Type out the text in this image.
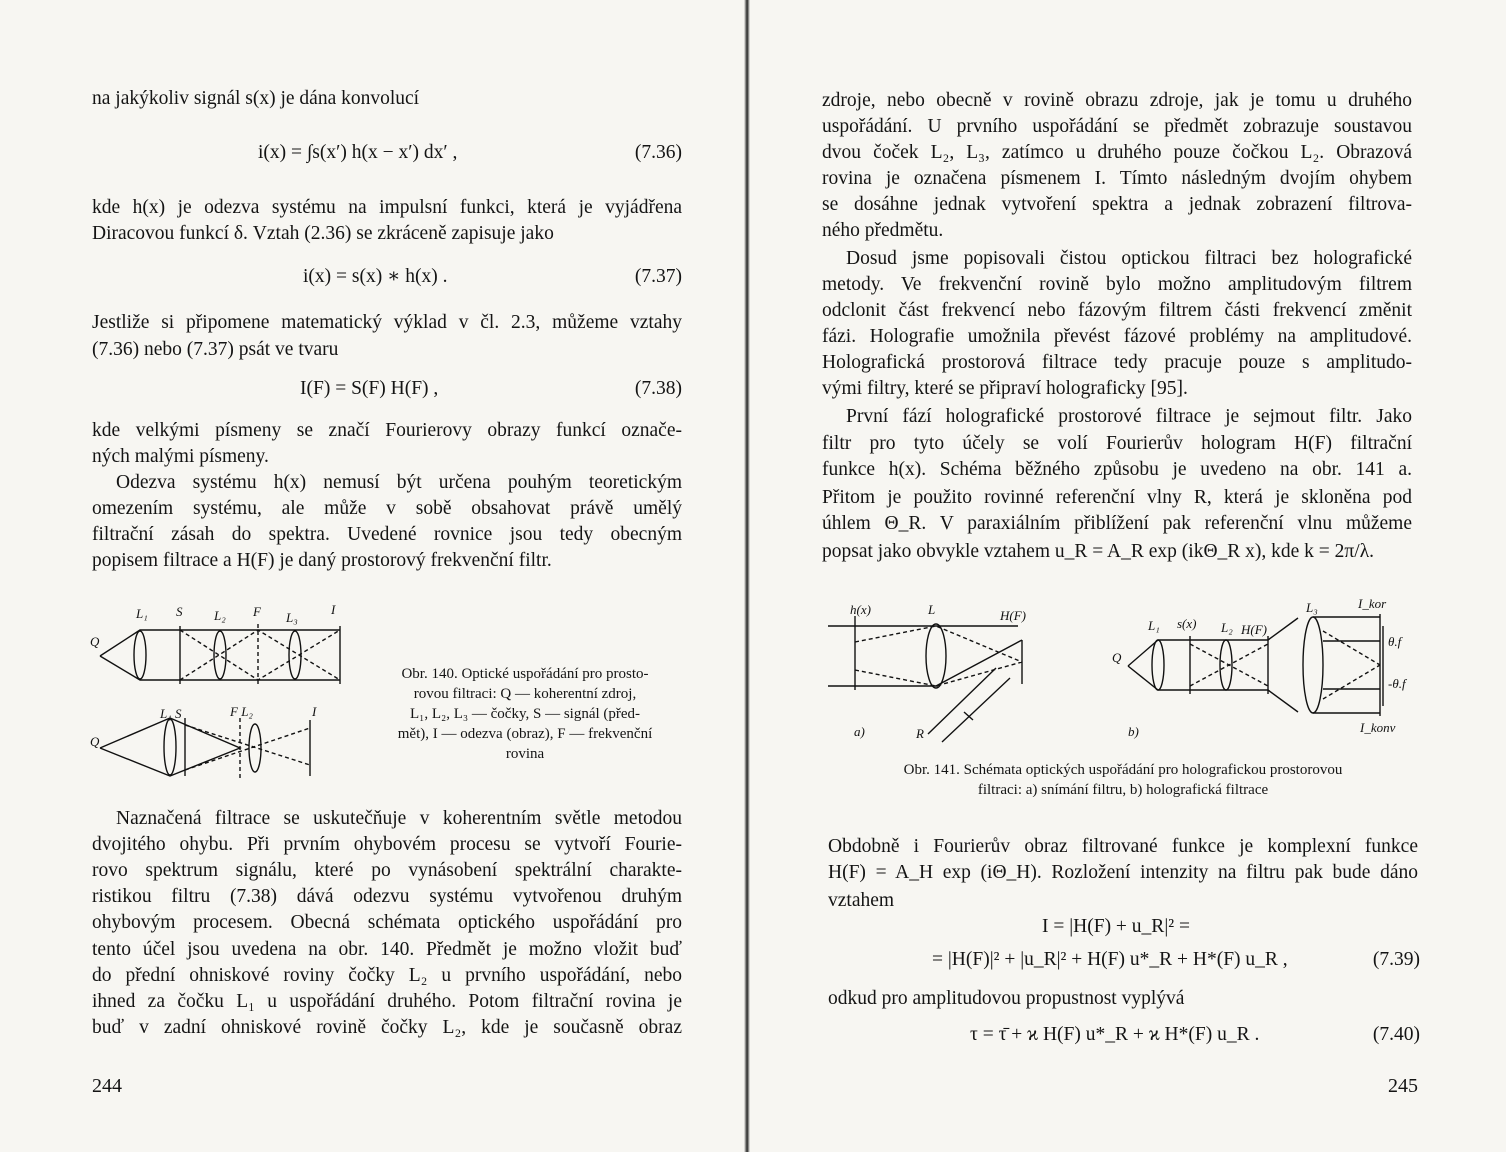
na jakýkoliv signál s(x) je dána konvolucí
i(x) = ∫s(x′) h(x − x′) dx′ ,	(7.36)
kde h(x) je odezva systému na impulsní funkci, která je vyjádřena
Diracovou funkcí δ. Vztah (2.36) se zkráceně zapisuje jako
i(x) = s(x) ∗ h(x) .	(7.37)
Jestliže si připomene matematický výklad v čl. 2.3, můžeme vztahy
(7.36) nebo (7.37) psát ve tvaru
I(F) = S(F) H(F) ,	(7.38)
kde velkými písmeny se značí Fourierovy obrazy funkcí označe-
ných malými písmeny.
Odezva systému h(x) nemusí být určena pouhým teoretickým
omezením systému, ale může v sobě obsahovat právě umělý
filtrační zásah do spektra. Uvedené rovnice jsou tedy obecným
popisem filtrace a H(F) je daný prostorový frekvenční filtr.
L₁ S L₂ F L₃
I
Q
L₁ S	F L₂	I
Q
Obr. 140. Optické uspořádání pro prosto-
rovou filtraci: Q — koherentní zdroj,
L₁, L₂, L₃ — čočky, S — signál (před-
mět), I — odezva (obraz), F — frekvenční
rovina
Naznačená filtrace se uskutečňuje v koherentním světle metodou
dvojitého ohybu. Při prvním ohybovém procesu se vytvoří Fourie-
rovo spektrum signálu, které po vynásobení spektrální charakte-
ristikou filtru (7.38) dává odezvu systému vytvořenou druhým
ohybovým procesem. Obecná schémata optického uspořádání pro
tento účel jsou uvedena na obr. 140. Předmět je možno vložit buď
do přední ohniskové roviny čočky L₂ u prvního uspořádání, nebo
ihned za čočku L₁ u uspořádání druhého. Potom filtrační rovina je
buď v zadní ohniskové rovině čočky L₂, kde je současně obraz
244
zdroje, nebo obecně v rovině obrazu zdroje, jak je tomu u druhého
uspořádání. U prvního uspořádání se předmět zobrazuje soustavou
dvou čoček L₂, L₃, zatímco u druhého pouze čočkou L₂. Obrazová
rovina je označena písmenem I. Tímto následným dvojím ohybem
se dosáhne jednak vytvoření spektra a jednak zobrazení filtrova-
ného předmětu.
Dosud jsme popisovali čistou optickou filtraci bez holografické
metody. Ve frekvenční rovině bylo možno amplitudovým filtrem
odclonit část frekvencí nebo fázovým filtrem části frekvencí změnit
fázi. Holografie umožnila převést fázové problémy na amplitudové.
Holografická prostorová filtrace tedy pracuje pouze s amplitudo-
vými filtry, které se připraví holograficky [95].
První fází holografické prostorové filtrace je sejmout filtr. Jako
filtr pro tyto účely se volí Fourierův hologram H(F) filtrační
funkce h(x). Schéma běžného způsobu je uvedeno na obr. 141 a.
Přitom je použito rovinné referenční vlny R, která je skloněna pod
úhlem Θ_R. V paraxiálním přiblížení pak referenční vlnu můžeme
popsat jako obvykle vztahem u_R = A_R exp (ikΘ_R x), kde k = 2π/λ.
h(x)	L	H(F)
R
a)
L₃	I_kor
L₁ s(x) L₂ H(F)
θ.f
-θ.f
Q
I_konv
b)
Obr. 141. Schémata optických uspořádání pro holografickou prostorovou
filtraci: a) snímání filtru, b) holografická filtrace
Obdobně i Fourierův obraz filtrované funkce je komplexní funkce
H(F) = A_H exp (iΘ_H). Rozložení intenzity na filtru pak bude dáno
vztahem
I = |H(F) + u_R|² =
= |H(F)|² + |u_R|² + H(F) u*_R + H*(F) u_R ,	(7.39)
odkud pro amplitudovou propustnost vyplývá
τ = τ̄ + ϰ H(F) u*_R + ϰ H*(F) u_R .	(7.40)
245
